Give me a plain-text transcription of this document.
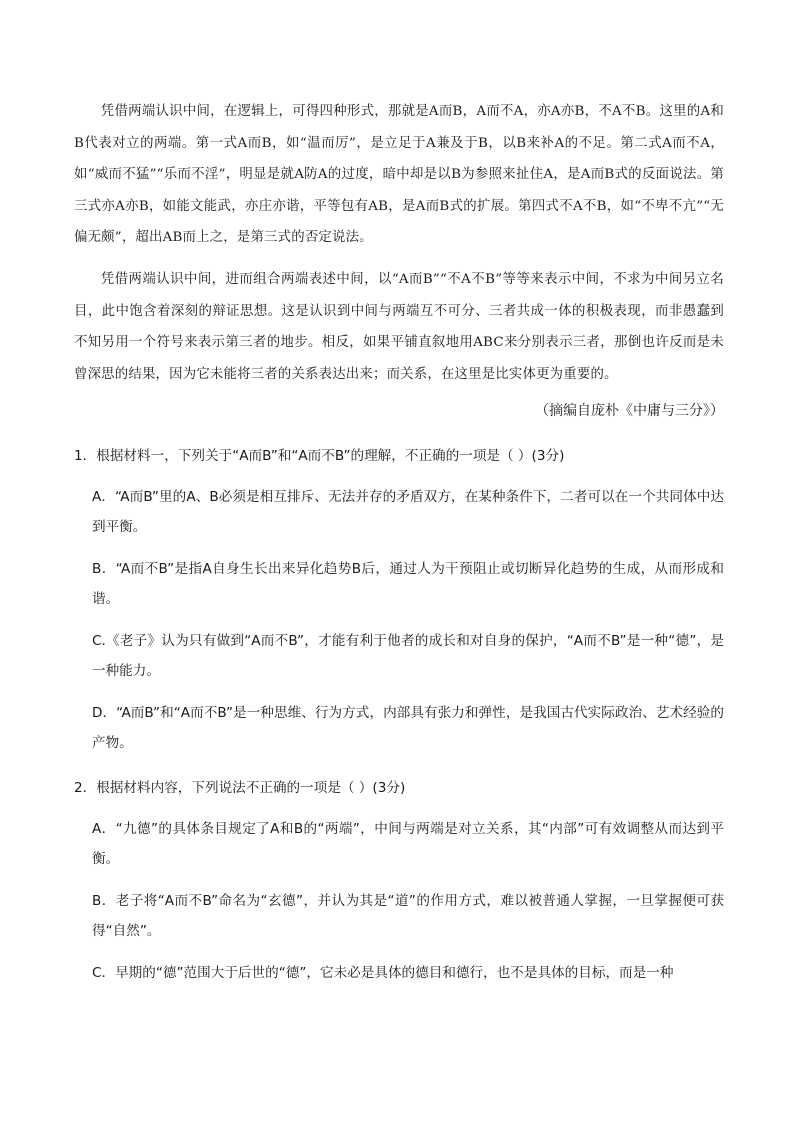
凭借两端认识中间，在逻辑上，可得四种形式，那就是A而B，A而不A，亦A亦B，不A不B。这里的A和B代表对立的两端。第一式A而B，如“温而厉”，是立足于A兼及于B，以B来补A的不足。第二式A而不A，如“威而不猛”“乐而不淫”，明显是就A防A的过度，暗中却是以B为参照来扯住A，是A而B式的反面说法。第三式亦A亦B，如能文能武，亦庄亦谐，平等包有AB，是A而B式的扩展。第四式不A不B，如“不卑不亢”“无偏无颇”，超出AB而上之，是第三式的否定说法。

凭借两端认识中间，进而组合两端表述中间，以“A而B”“不A不B”等等来表示中间，不求为中间另立名目，此中饱含着深刻的辩证思想。这是认识到中间与两端互不可分、三者共成一体的积极表现，而非愚蠢到不知另用一个符号来表示第三者的地步。相反，如果平铺直叙地用ABC来分别表示三者，那倒也许反而是未曾深思的结果，因为它未能将三者的关系表达出来；而关系，在这里是比实体更为重要的。

（摘编自庞朴《中庸与三分》）
1．根据材料一，下列关于“A而B”和“A而不B”的理解，不正确的一项是（ ）(3分)
A．“A而B”里的A、B必须是相互排斥、无法并存的矛盾双方，在某种条件下，二者可以在一个共同体中达到平衡。
B．“A而不B”是指A自身生长出来异化趋势B后，通过人为干预阻止或切断异化趋势的生成，从而形成和谐。
C.《老子》认为只有做到“A而不B”，才能有利于他者的成长和对自身的保护，“A而不B”是一种“德”，是一种能力。
D．“A而B”和“A而不B”是一种思维、行为方式，内部具有张力和弹性，是我国古代实际政治、艺术经验的产物。
2．根据材料内容，下列说法不正确的一项是（ ）(3分)
A．“九德”的具体条目规定了A和B的“两端”，中间与两端是对立关系，其“内部”可有效调整从而达到平衡。
B．老子将“A而不B”命名为“玄德”，并认为其是“道”的作用方式，难以被普通人掌握，一旦掌握便可获得“自然”。
C．早期的“德”范围大于后世的“德”，它未必是具体的德目和德行，也不是具体的目标，而是一种
